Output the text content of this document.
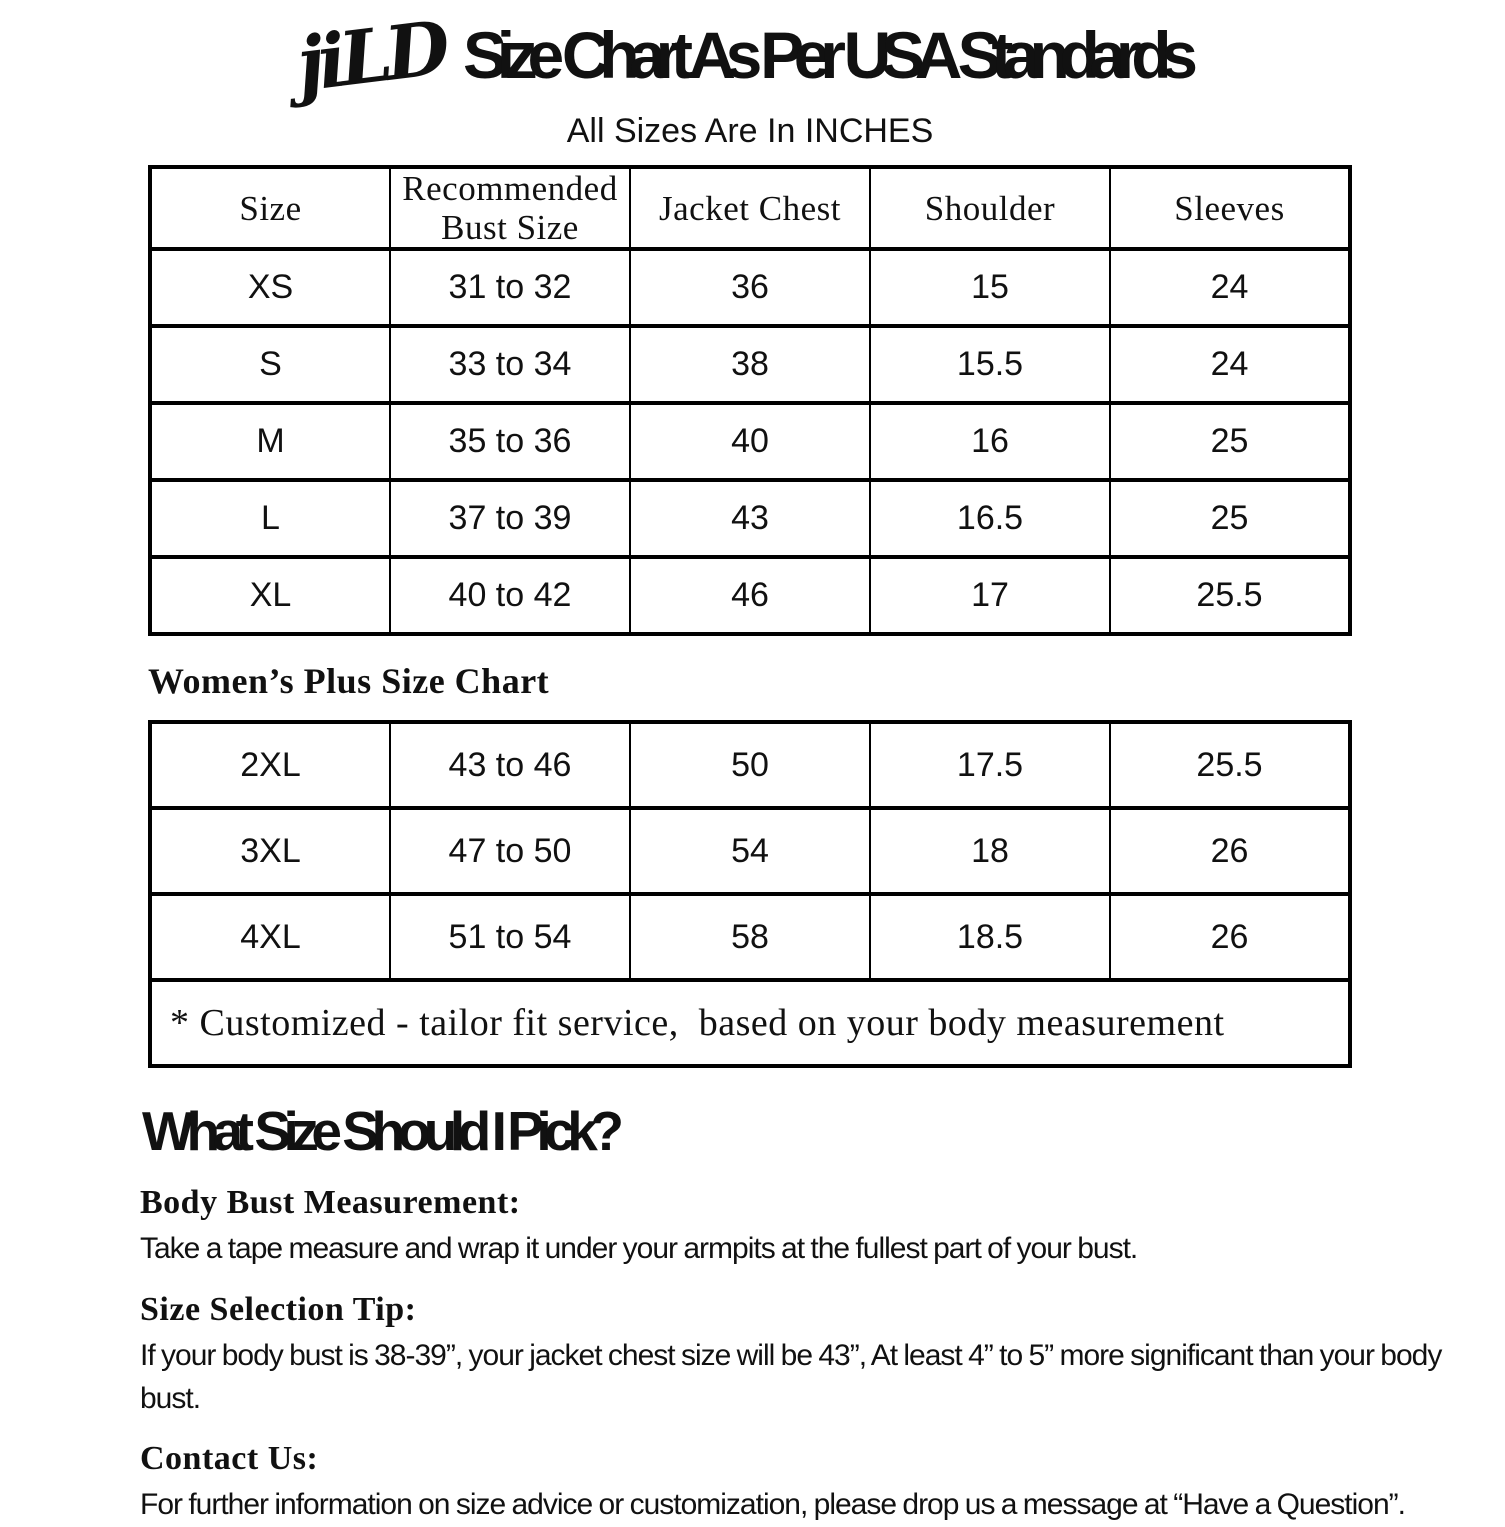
jiLD Size Chart As Per USA Standards
All Sizes Are In INCHES
Size	Recommended Bust Size	Jacket Chest	Shoulder	Sleeves
XS	31 to 32	36	15	24
S	33 to 34	38	15.5	24
M	35 to 36	40	16	25
L	37 to 39	43	16.5	25
XL	40 to 42	46	17	25.5
Women’s Plus Size Chart
2XL	43 to 46	50	17.5	25.5
3XL	47 to 50	54	18	26
4XL	51 to 54	58	18.5	26
* Customized - tailor fit service,  based on your body measurement				
What Size Should I Pick?
Body Bust Measurement:
Take a tape measure and wrap it under your armpits at the fullest part of your bust.
Size Selection Tip:
If your body bust is 38-39”, your jacket chest size will be 43”, At least 4” to 5” more significant than your body bust.
Contact Us:
For further information on size advice or customization, please drop us a message at “Have a Question”.
